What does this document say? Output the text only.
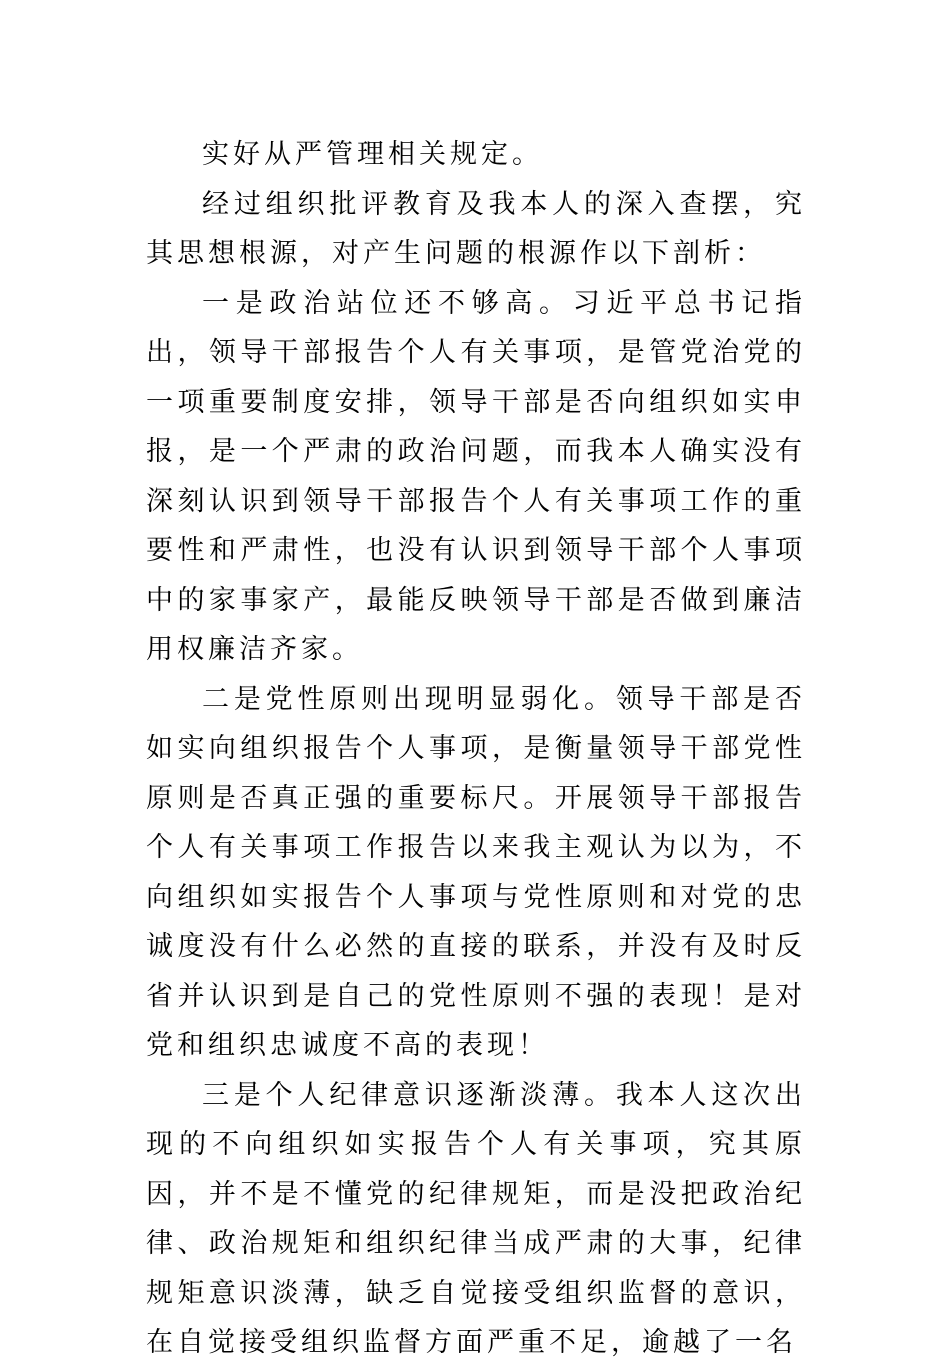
实好从严管理相关规定。

经过组织批评教育及我本人的深入查摆，究其思想根源，对产生问题的根源作以下剖析：

一是政治站位还不够高。习近平总书记指出，领导干部报告个人有关事项，是管党治党的一项重要制度安排，领导干部是否向组织如实申报，是一个严肃的政治问题，而我本人确实没有深刻认识到领导干部报告个人有关事项工作的重要性和严肃性，也没有认识到领导干部个人事项中的家事家产，最能反映领导干部是否做到廉洁用权廉洁齐家。

二是党性原则出现明显弱化。领导干部是否如实向组织报告个人事项，是衡量领导干部党性原则是否真正强的重要标尺。开展领导干部报告个人有关事项工作报告以来我主观认为以为，不向组织如实报告个人事项与党性原则和对党的忠诚度没有什么必然的直接的联系，并没有及时反省并认识到是自己的党性原则不强的表现！是对党和组织忠诚度不高的表现！

三是个人纪律意识逐渐淡薄。我本人这次出现的不向组织如实报告个人有关事项，究其原因，并不是不懂党的纪律规矩，而是没把政治纪律、政治规矩和组织纪律当成严肃的大事，纪律规矩意识淡薄，缺乏自觉接受组织监督的意识，在自觉接受组织监督方面严重不足，逾越了一名
